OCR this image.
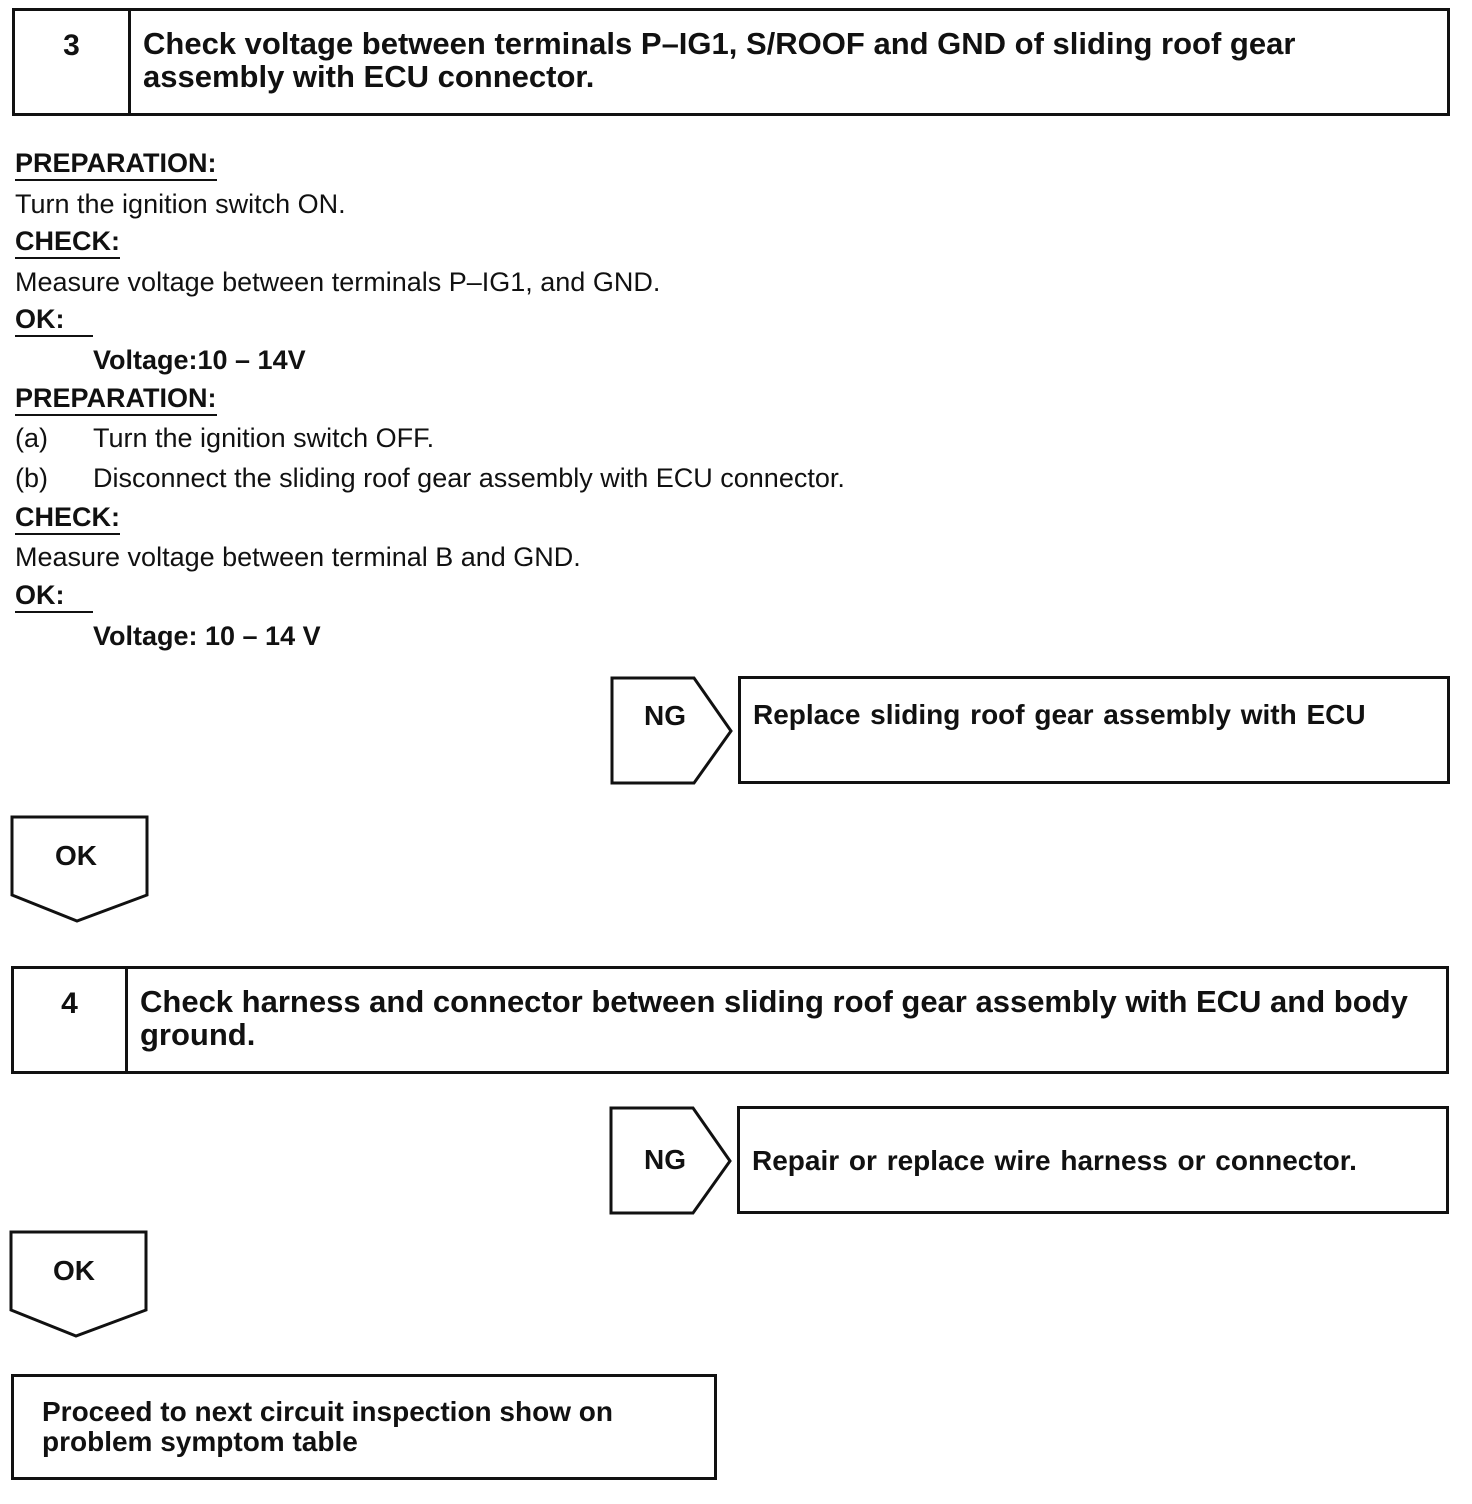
3	Check voltage between terminals P–IG1, S/ROOF and GND of sliding roof gear assembly with ECU connector.
PREPARATION:
Turn the ignition switch ON.
CHECK:
Measure voltage between terminals P–IG1, and GND.
OK:
Voltage:10 – 14V
PREPARATION:
(a) Turn the ignition switch OFF.
(b) Disconnect the sliding roof gear assembly with ECU connector.
CHECK:
Measure voltage between terminal B and GND.
OK:
Voltage: 10 – 14 V
NG	Replace sliding roof gear assembly with ECU
OK
4	Check harness and connector between sliding roof gear assembly with ECU and body ground.
NG	Repair or replace wire harness or connector.
OK
Proceed to next circuit inspection show on problem symptom table
